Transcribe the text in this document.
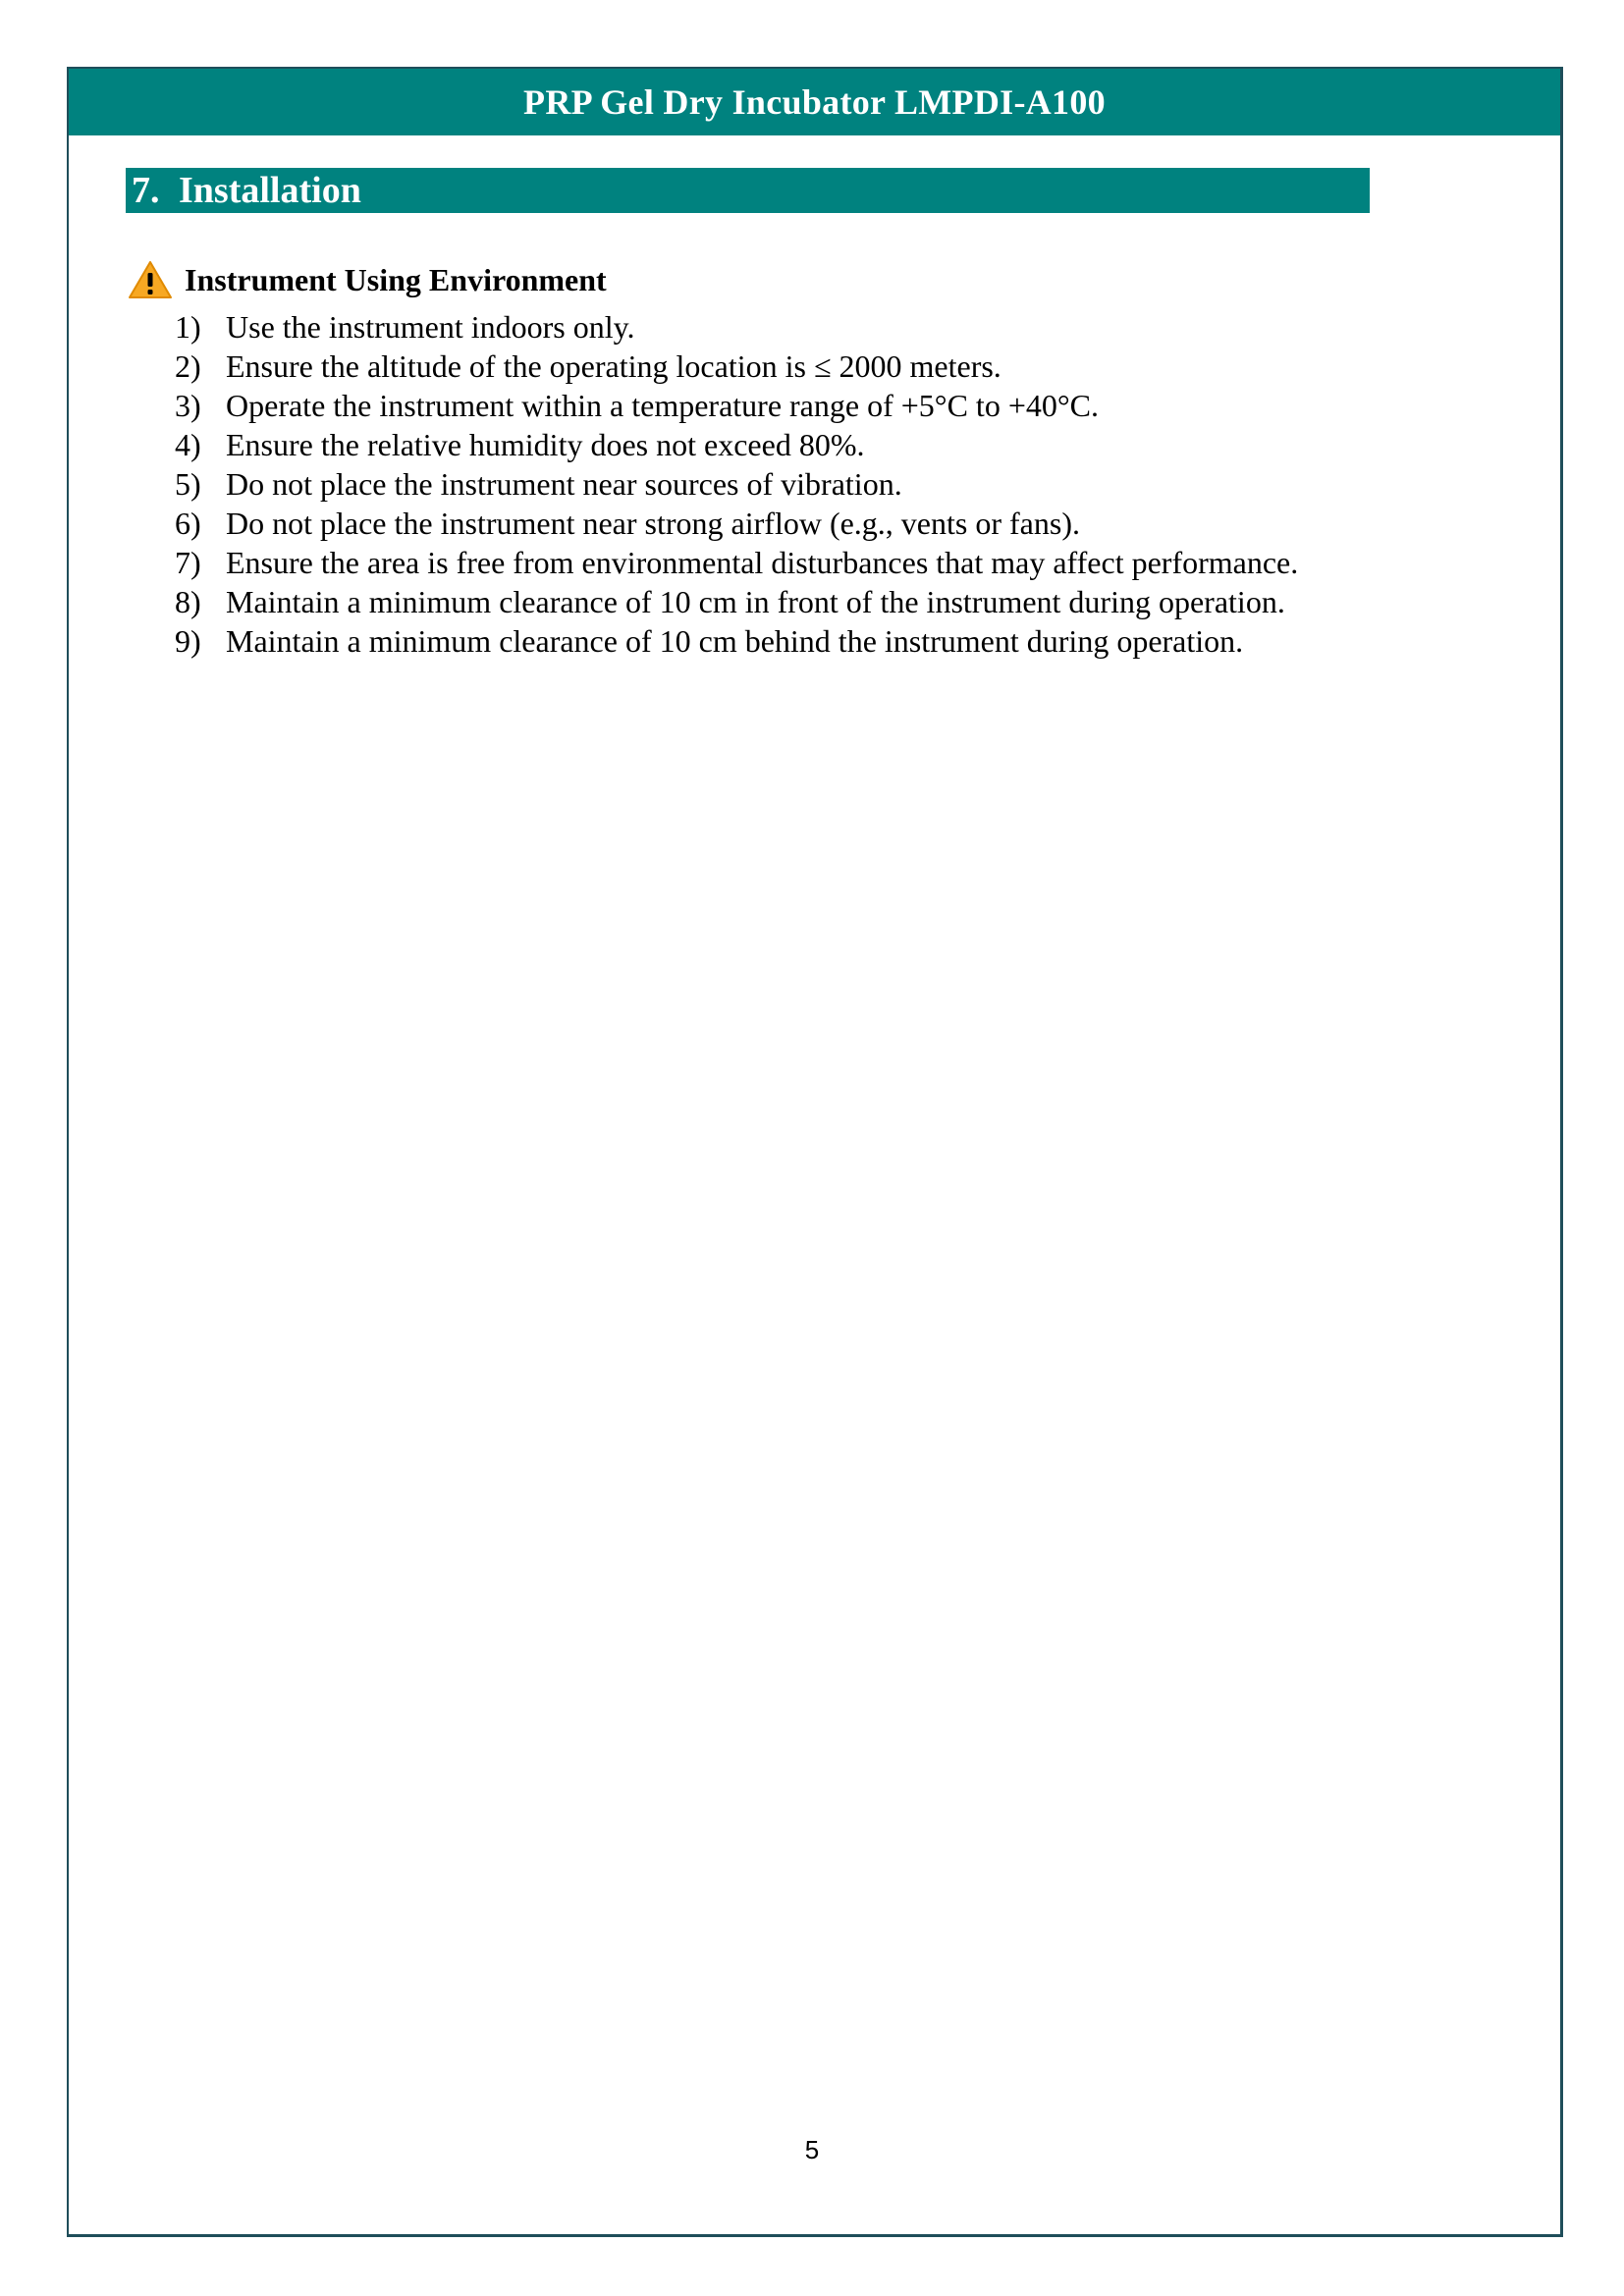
PRP Gel Dry Incubator LMPDI-A100
7. Installation
Instrument Using Environment
1) Use the instrument indoors only.
2) Ensure the altitude of the operating location is ≤ 2000 meters.
3) Operate the instrument within a temperature range of +5°C to +40°C.
4) Ensure the relative humidity does not exceed 80%.
5) Do not place the instrument near sources of vibration.
6) Do not place the instrument near strong airflow (e.g., vents or fans).
7) Ensure the area is free from environmental disturbances that may affect performance.
8) Maintain a minimum clearance of 10 cm in front of the instrument during operation.
9) Maintain a minimum clearance of 10 cm behind the instrument during operation.
5
